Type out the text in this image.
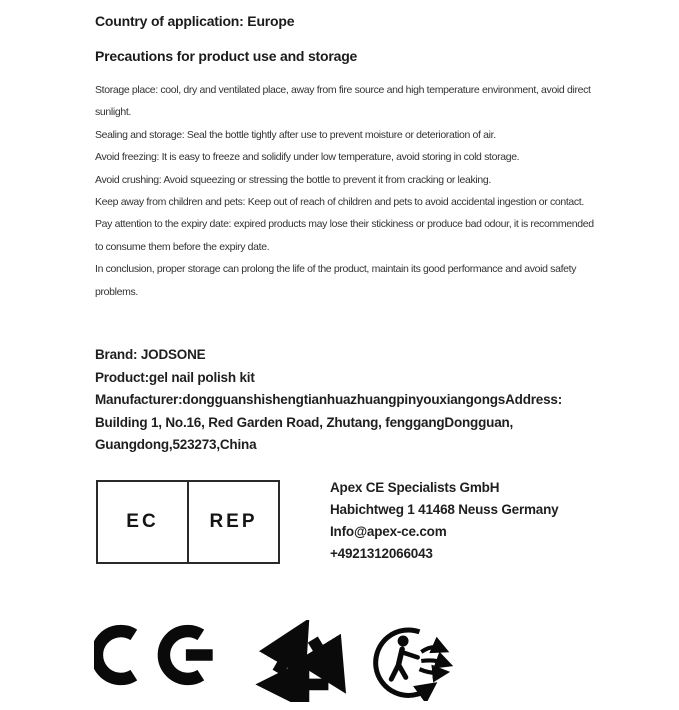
Country of application: Europe
Precautions for product use and storage

Storage place: cool, dry and ventilated place, away from fire source and high temperature environment, avoid direct sunlight.

Sealing and storage: Seal the bottle tightly after use to prevent moisture or deterioration of air.

Avoid freezing: It is easy to freeze and solidify under low temperature, avoid storing in cold storage.

Avoid crushing: Avoid squeezing or stressing the bottle to prevent it from cracking or leaking.

Keep away from children and pets: Keep out of reach of children and pets to avoid accidental ingestion or contact.

Pay attention to the expiry date: expired products may lose their stickiness or produce bad odour, it is recommended to consume them before the expiry date.

In conclusion, proper storage can prolong the life of the product, maintain its good performance and avoid safety problems.

Brand: JODSONE

Product:gel nail polish kit

Manufacturer:dongguanshishengtianhuazhuangpinyouxiangongsAddress:

Building 1, No.16, Red Garden Road, Zhutang, fenggangDongguan,

Guangdong,523273,China

EC	REP

Apex CE Specialists GmbH

Habichtweg 1 41468 Neuss Germany

Info@apex-ce.com

+4921312066043
